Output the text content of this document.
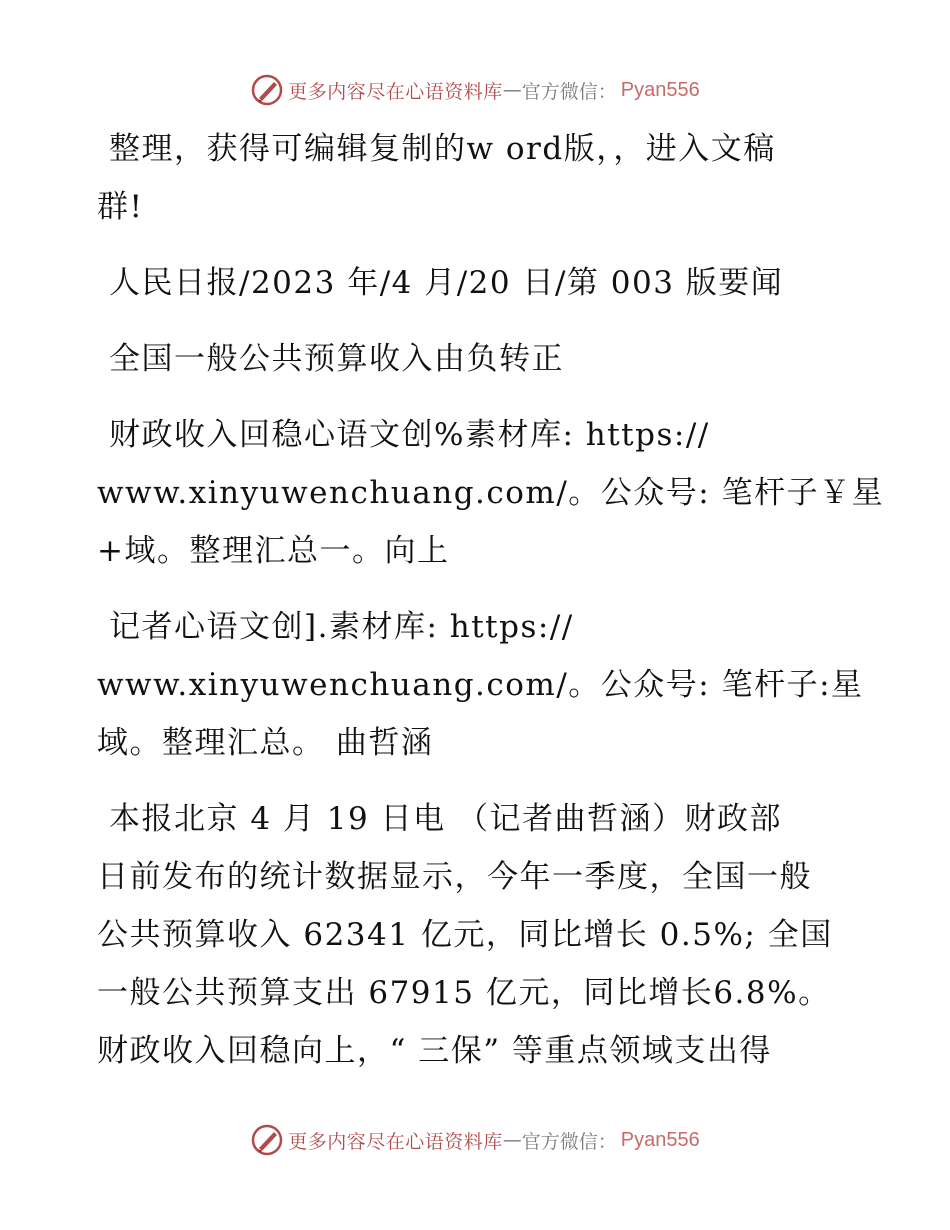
更多内容尽在心语资料库 — 官方微信： Pyan556

整理，获得可编辑复制的w ord版，，进入文稿

群!

人民日报/2023 年/4 月/20 日/第 003 版要闻

全国一般公共预算收入由负转正

财政收入回稳心语文创%素材库: https://

www.xinyuwenchuang.com/。公众号: 笔杆子￥星

+域。整理汇总一。向上

记者心语文创].素材库: https://

www.xinyuwenchuang.com/。公众号: 笔杆子:星

域。整理汇总。 曲哲涵

本报北京 4 月 19 日电 （记者曲哲涵）财政部

日前发布的统计数据显示，今年一季度，全国一般

公共预算收入 62341 亿元，同比增长 0.5%; 全国

一般公共预算支出 67915 亿元，同比增长6.8%。

财政收入回稳向上，“ 三保” 等重点领域支出得

更多内容尽在心语资料库 — 官方微信： Pyan556
